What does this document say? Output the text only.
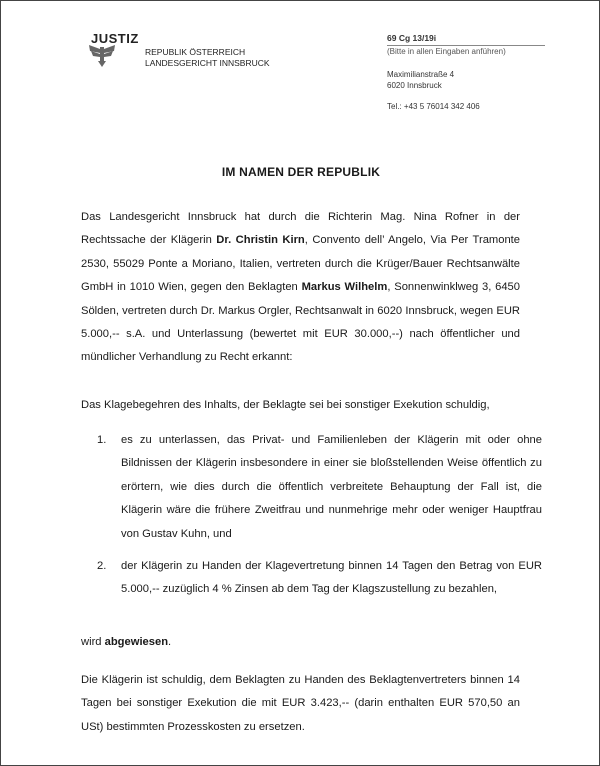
JUSTIZ
REPUBLIK ÖSTERREICH
LANDESGERICHT INNSBRUCK
69 Cg 13/19i
(Bitte in allen Eingaben anführen)
Maximilianstraße 4
6020 Innsbruck
Tel.: +43 5 76014 342 406
IM NAMEN DER REPUBLIK
Das Landesgericht Innsbruck hat durch die Richterin Mag. Nina Rofner in der Rechtssache der Klägerin Dr. Christin Kirn, Convento dell’ Angelo, Via Per Tramonte 2530, 55029 Ponte a Moriano, Italien, vertreten durch die Krüger/Bauer Rechtsanwälte GmbH in 1010 Wien, gegen den Beklagten Markus Wilhelm, Sonnenwinklweg 3, 6450 Sölden, vertreten durch Dr. Markus Orgler, Rechtsanwalt in 6020 Innsbruck, wegen EUR 5.000,-- s.A. und Unterlassung (bewertet mit EUR 30.000,--) nach öffentlicher und mündlicher Verhandlung zu Recht erkannt:
Das Klagebegehren des Inhalts, der Beklagte sei bei sonstiger Exekution schuldig,
1.	es zu unterlassen, das Privat- und Familienleben der Klägerin mit oder ohne Bildnissen der Klägerin insbesondere in einer sie bloßstellenden Weise öffentlich zu erörtern, wie dies durch die öffentlich verbreitete Behauptung der Fall ist, die Klägerin wäre die frühere Zweitfrau und nunmehrige mehr oder weniger Hauptfrau von Gustav Kuhn, und
2.	der Klägerin zu Handen der Klagevertretung binnen 14 Tagen den Betrag von EUR 5.000,-- zuzüglich 4 % Zinsen ab dem Tag der Klagszustellung zu bezahlen,
wird abgewiesen.
Die Klägerin ist schuldig, dem Beklagten zu Handen des Beklagtenvertreters binnen 14 Tagen bei sonstiger Exekution die mit EUR 3.423,-- (darin enthalten EUR 570,50 an USt) bestimmten Prozesskosten zu ersetzen.
